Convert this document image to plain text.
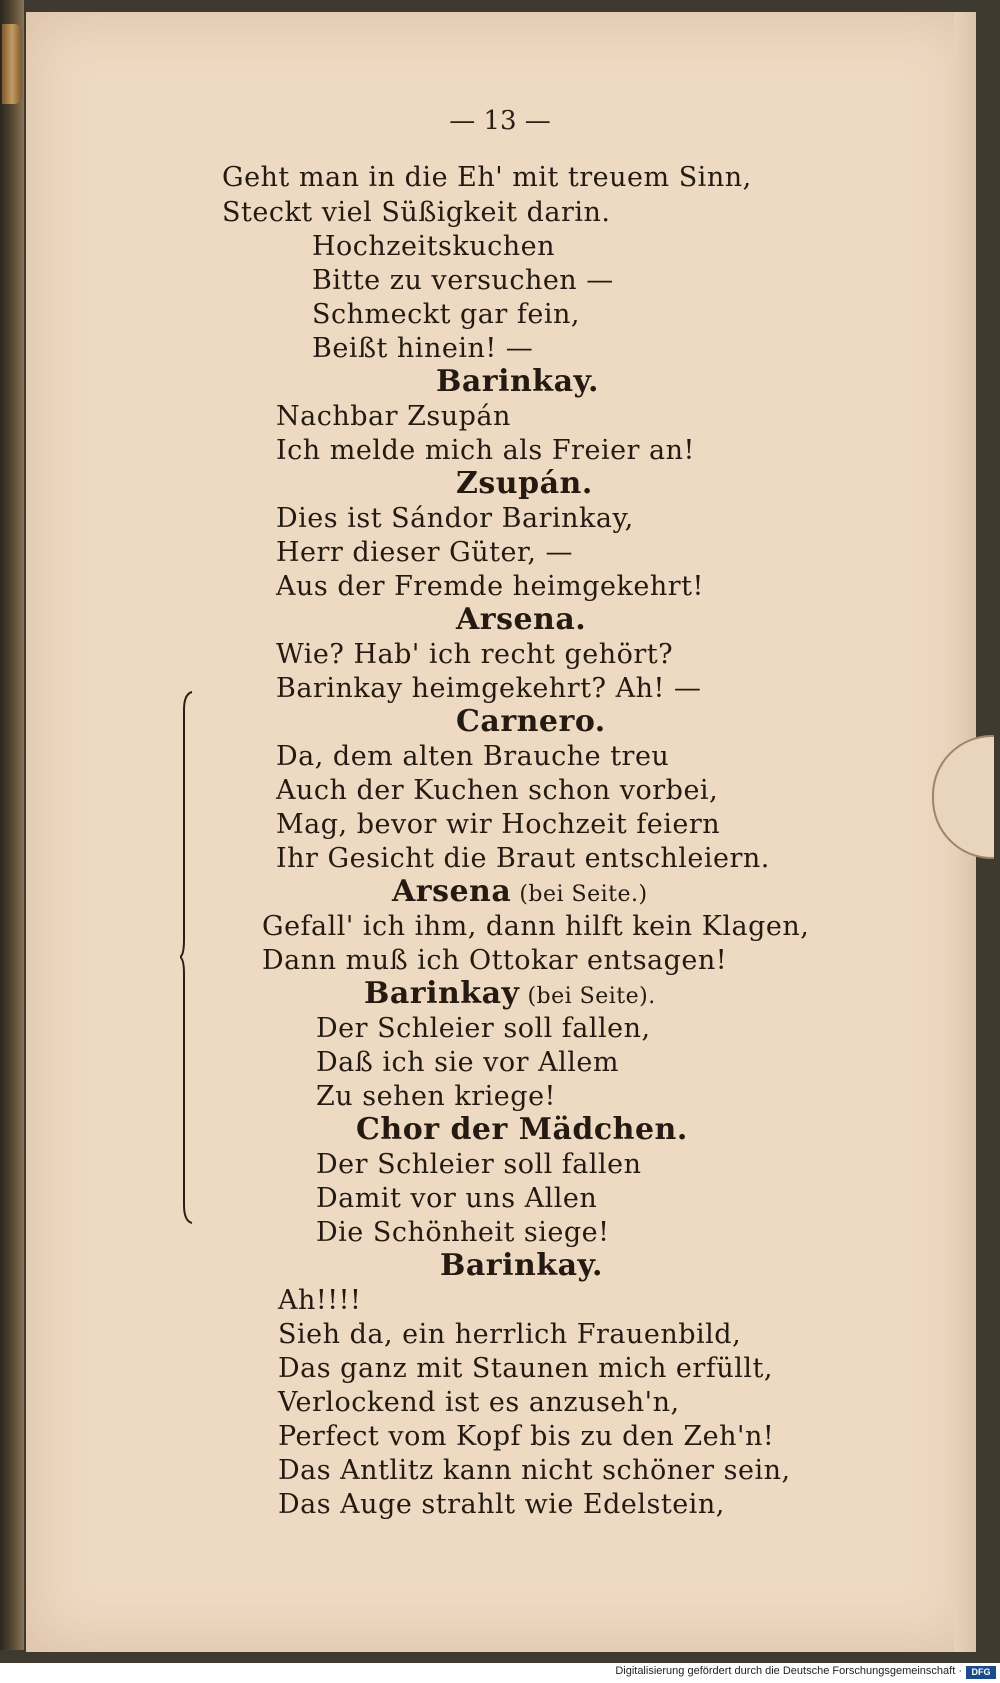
— 13 —
Geht man in die Eh' mit treuem Sinn,
Steckt viel Süßigkeit darin.
Hochzeitskuchen
Bitte zu versuchen —
Schmeckt gar fein,
Beißt hinein! —
Barinkay.
Nachbar Zsupán
Ich melde mich als Freier an!
Zsupán.
Dies ist Sándor Barinkay,
Herr dieser Güter, —
Aus der Fremde heimgekehrt!
Arsena.
Wie? Hab' ich recht gehört?
Barinkay heimgekehrt? Ah! —
Carnero.
Da, dem alten Brauche treu
Auch der Kuchen schon vorbei,
Mag, bevor wir Hochzeit feiern
Ihr Gesicht die Braut entschleiern.
Arsena (bei Seite.)
Gefall' ich ihm, dann hilft kein Klagen,
Dann muß ich Ottokar entsagen!
Barinkay (bei Seite).
Der Schleier soll fallen,
Daß ich sie vor Allem
Zu sehen kriege!
Chor der Mädchen.
Der Schleier soll fallen
Damit vor uns Allen
Die Schönheit siege!
Barinkay.
Ah!!!!
Sieh da, ein herrlich Frauenbild,
Das ganz mit Staunen mich erfüllt,
Verlockend ist es anzuseh'n,
Perfect vom Kopf bis zu den Zeh'n!
Das Antlitz kann nicht schöner sein,
Das Auge strahlt wie Edelstein,
Digitalisierung gefördert durch die Deutsche Forschungsgemeinschaft ·	DFG
